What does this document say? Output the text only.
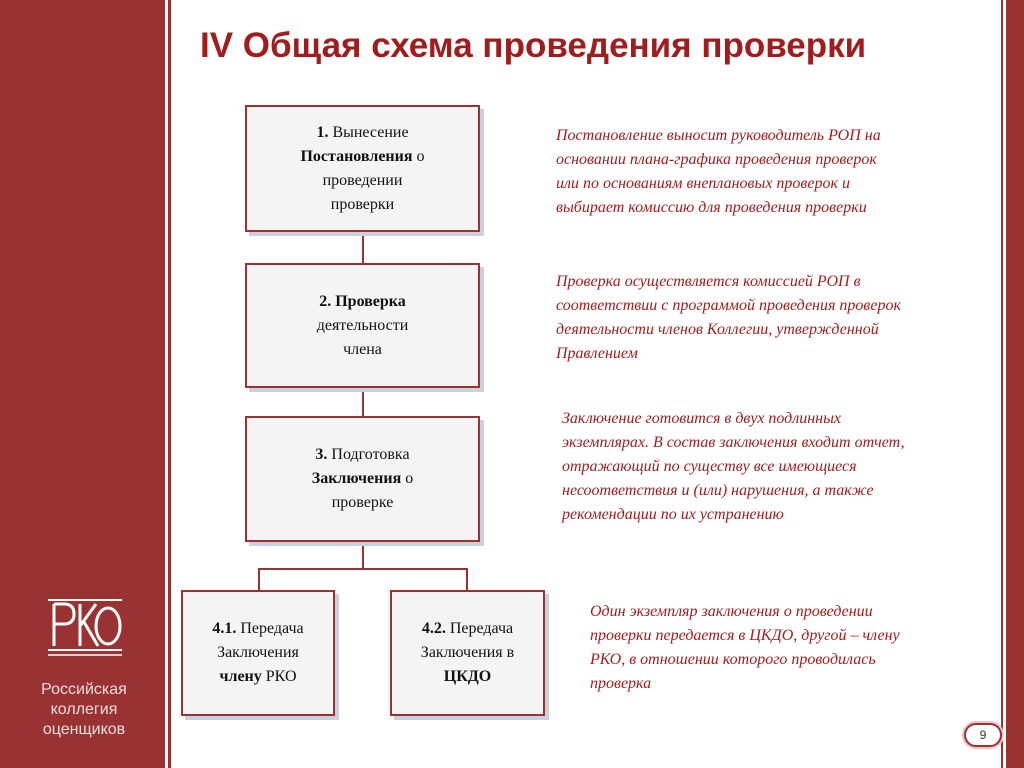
Российская коллегия
оценщиков
IV Общая схема проведения проверки
1. Вынесение
Постановления о
проведении
проверки
2. Проверка
деятельности
члена
3. Подготовка
Заключения о
проверке
4.1. Передача
Заключения
члену РКО
4.2. Передача
Заключения в
ЦКДО
Постановление выносит руководитель РОП на
основании плана-графика проведения проверок
или по основаниям внеплановых проверок и
выбирает комиссию для проведения проверки
Проверка осуществляется комиссией РОП в
соответствии с программой проведения проверок
деятельности членов Коллегии, утвержденной
Правлением
Заключение готовится в двух подлинных
экземплярах. В состав заключения входит отчет,
отражающий по существу все имеющиеся
несоответствия и (или) нарушения, а также
рекомендации по их устранению
Один экземпляр заключения о проведении
проверки передается в ЦКДО, другой – члену
РКО, в отношении которого проводилась
проверка
9
